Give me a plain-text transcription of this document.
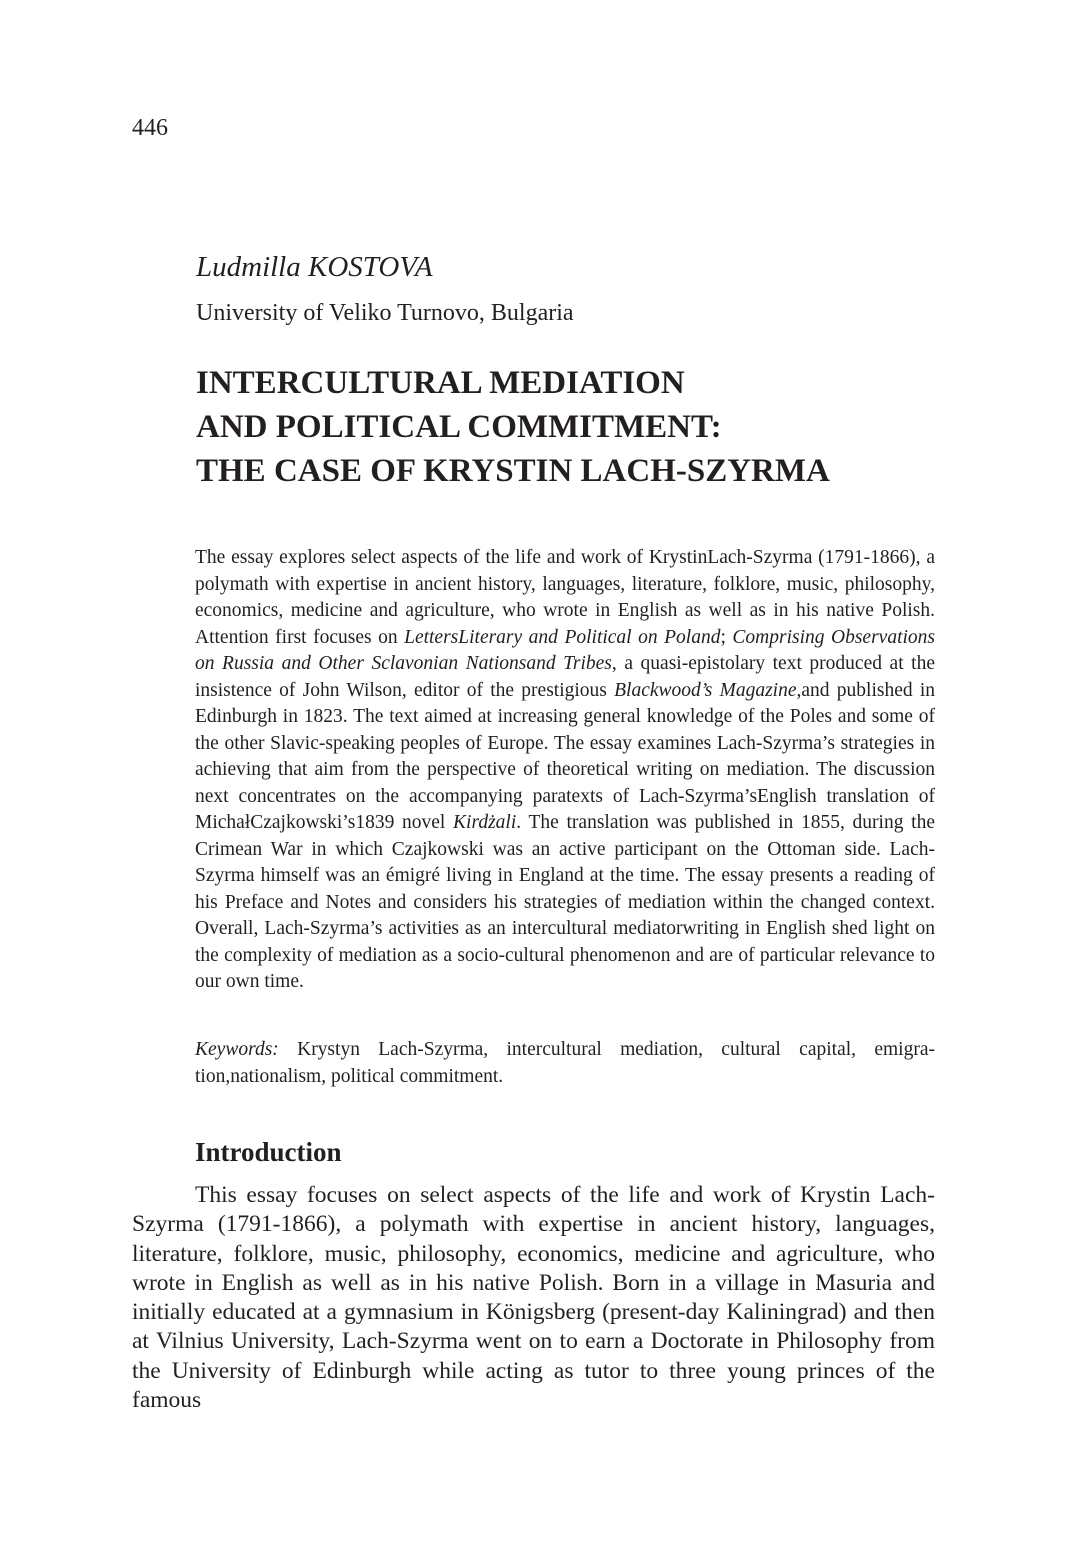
446
Ludmilla KOSTOVA
University of Veliko Turnovo, Bulgaria
INTERCULTURAL MEDIATION
AND POLITICAL COMMITMENT:
THE CASE OF KRYSTIN LACH-SZYRMA

The essay explores select aspects of the life and work of KrystinLach-Szyrma (1791-1866), a polymath with expertise in ancient history, languages, literature, folklore, music, philosophy, economics, medicine and agriculture, who wrote in English as well as in his native Polish. Attention first focuses on LettersLiterary and Political on Poland; Comprising Observations on Russia and Other Sclavonian Nationsand Tribes, a quasi-epistolary text produced at the insistence of John Wilson, editor of the prestigious Blackwood’s Magazine,and published in Edinburgh in 1823. The text aimed at increasing general knowledge of the Poles and some of the other Slavic-speaking peoples of Europe. The essay examines Lach-Szyrma’s strategies in achieving that aim from the perspective of theoretical writing on mediation. The discussion next concentrates on the accompanying paratexts of Lach-Szyrma’sEnglish translation of MichałCzajkowski’s1839 novel Kirdżali. The translation was published in 1855, during the Crimean War in which Czajkowski was an active participant on the Ottoman side. Lach-Szyrma himself was an émigré living in England at the time. The essay presents a reading of his Preface and Notes and considers his strategies of mediation within the changed context. Overall, Lach-Szyrma’s activities as an intercultural mediatorwriting in English shed light on the complexity of mediation as a socio-cultural phenomenon and are of particular relevance to our own time.

Keywords: Krystyn Lach-Szyrma, intercultural mediation, cultural capital, emigration,nationalism, political commitment.

Introduction

This essay focuses on select aspects of the life and work of Krystin Lach-Szyrma (1791-1866), a polymath with expertise in ancient history, languages, literature, folklore, music, philosophy, economics, medicine and agriculture, who wrote in English as well as in his native Polish. Born in a village in Masuria and initially educated at a gymnasium in Königsberg (present-day Kaliningrad) and then at Vilnius University, Lach-Szyrma went on to earn a Doctorate in Philosophy from the University of Edinburgh while acting as tutor to three young princes of the famous
